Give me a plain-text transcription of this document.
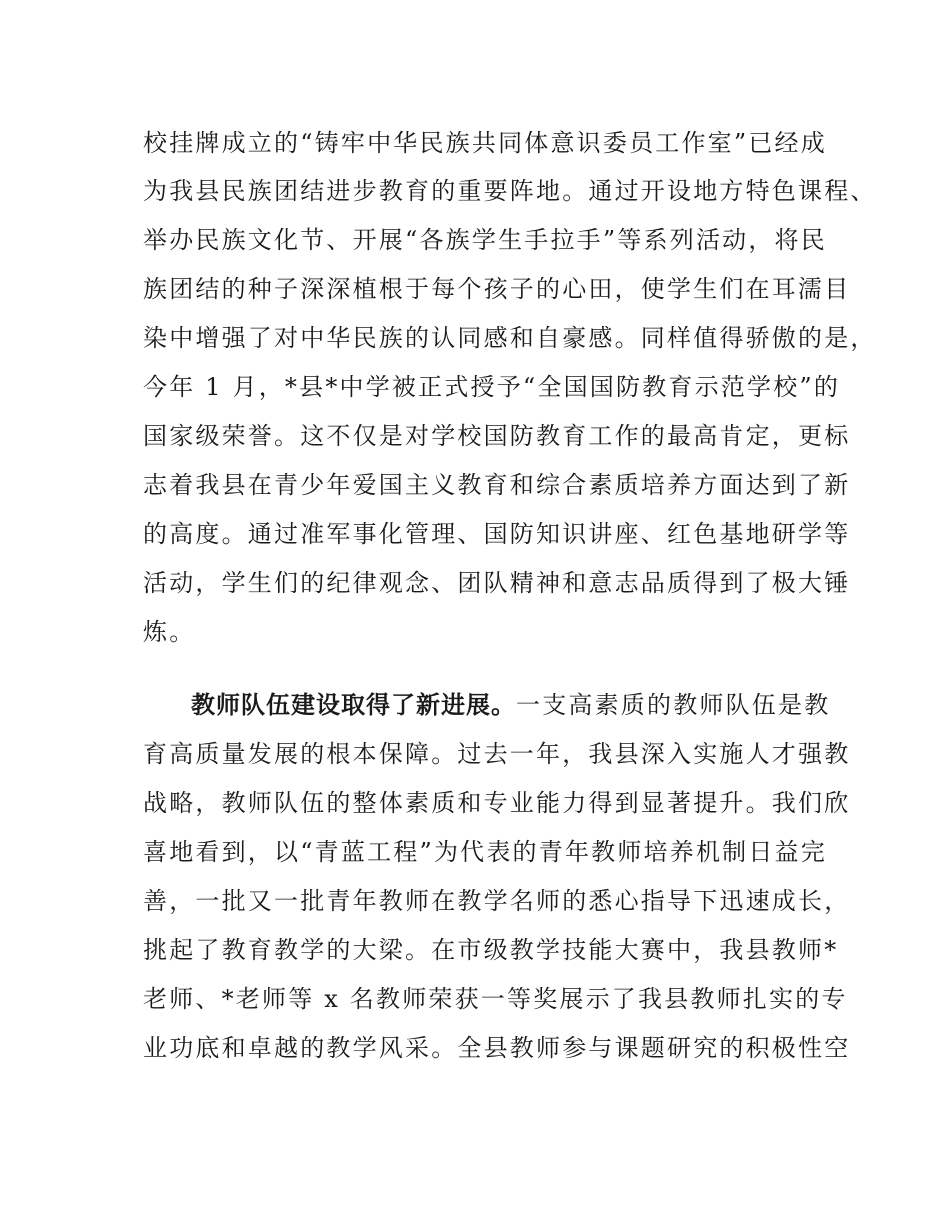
校挂牌成立的“铸牢中华民族共同体意识委员工作室”已经成
为我县民族团结进步教育的重要阵地。通过开设地方特色课程、
举办民族文化节、开展“各族学生手拉手”等系列活动，将民
族团结的种子深深植根于每个孩子的心田，使学生们在耳濡目
染中增强了对中华民族的认同感和自豪感。同样值得骄傲的是，
今年 1 月，*县*中学被正式授予“全国国防教育示范学校”的
国家级荣誉。这不仅是对学校国防教育工作的最高肯定，更标
志着我县在青少年爱国主义教育和综合素质培养方面达到了新
的高度。通过准军事化管理、国防知识讲座、红色基地研学等
活动，学生们的纪律观念、团队精神和意志品质得到了极大锤
炼。
教师队伍建设取得了新进展。一支高素质的教师队伍是教
育高质量发展的根本保障。过去一年，我县深入实施人才强教
战略，教师队伍的整体素质和专业能力得到显著提升。我们欣
喜地看到，以“青蓝工程”为代表的青年教师培养机制日益完
善，一批又一批青年教师在教学名师的悉心指导下迅速成长，
挑起了教育教学的大梁。在市级教学技能大赛中，我县教师*
老师、*老师等 x 名教师荣获一等奖展示了我县教师扎实的专
业功底和卓越的教学风采。全县教师参与课题研究的积极性空
